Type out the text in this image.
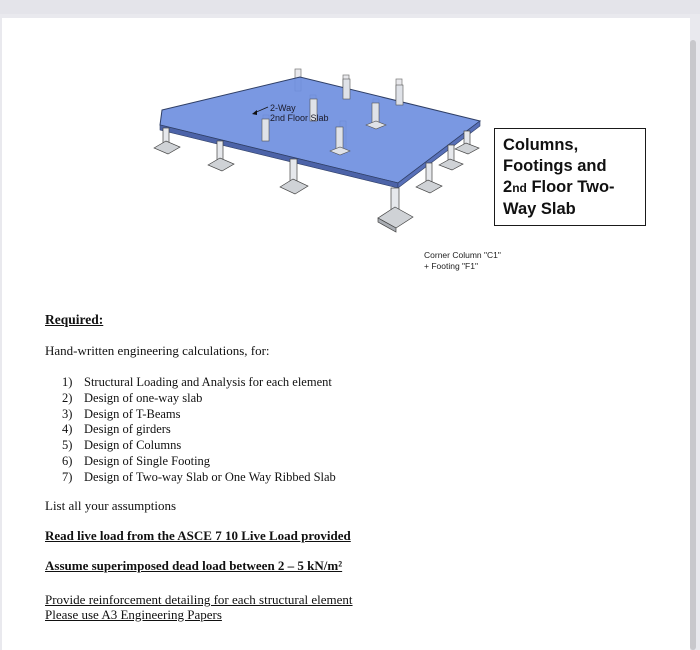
2-Way
2nd Floor Slab
Corner Column "C1"
+ Footing "F1"
Columns,
Footings and
2nd Floor Two-
Way Slab
Required:
Hand-written engineering calculations, for:
1) Structural Loading and Analysis for each element
2) Design of one-way slab
3) Design of T-Beams
4) Design of girders
5) Design of Columns
6) Design of Single Footing
7) Design of Two-way Slab or One Way Ribbed Slab
List all your assumptions
Read live load from the ASCE 7 10 Live Load provided
Assume superimposed dead load between 2 – 5 kN/m²
Provide reinforcement detailing for each structural element
Please use A3 Engineering Papers
